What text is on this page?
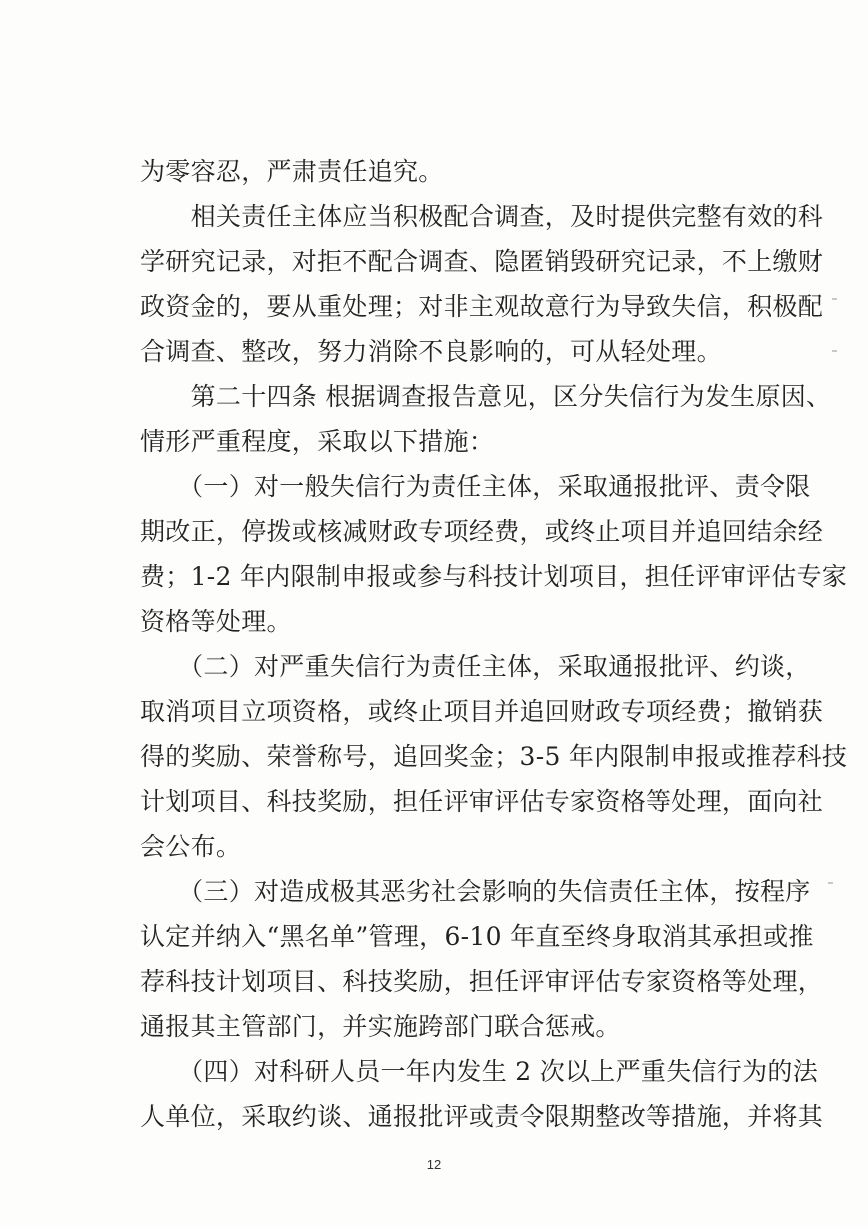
为零容忍，严肃责任追究。
　　相关责任主体应当积极配合调查，及时提供完整有效的科
学研究记录，对拒不配合调查、隐匿销毁研究记录，不上缴财
政资金的，要从重处理；对非主观故意行为导致失信，积极配
合调查、整改，努力消除不良影响的，可从轻处理。
　　第二十四条 根据调查报告意见，区分失信行为发生原因、
情形严重程度，采取以下措施：
　　（一）对一般失信行为责任主体，采取通报批评、责令限
期改正，停拨或核减财政专项经费，或终止项目并追回结余经
费；1-2 年内限制申报或参与科技计划项目，担任评审评估专家
资格等处理。
　　（二）对严重失信行为责任主体，采取通报批评、约谈，
取消项目立项资格，或终止项目并追回财政专项经费；撤销获
得的奖励、荣誉称号，追回奖金；3-5 年内限制申报或推荐科技
计划项目、科技奖励，担任评审评估专家资格等处理，面向社
会公布。
　　（三）对造成极其恶劣社会影响的失信责任主体，按程序
认定并纳入“黑名单”管理，6-10 年直至终身取消其承担或推
荐科技计划项目、科技奖励，担任评审评估专家资格等处理，
通报其主管部门，并实施跨部门联合惩戒。
　　（四）对科研人员一年内发生 2 次以上严重失信行为的法
人单位，采取约谈、通报批评或责令限期整改等措施，并将其
12
